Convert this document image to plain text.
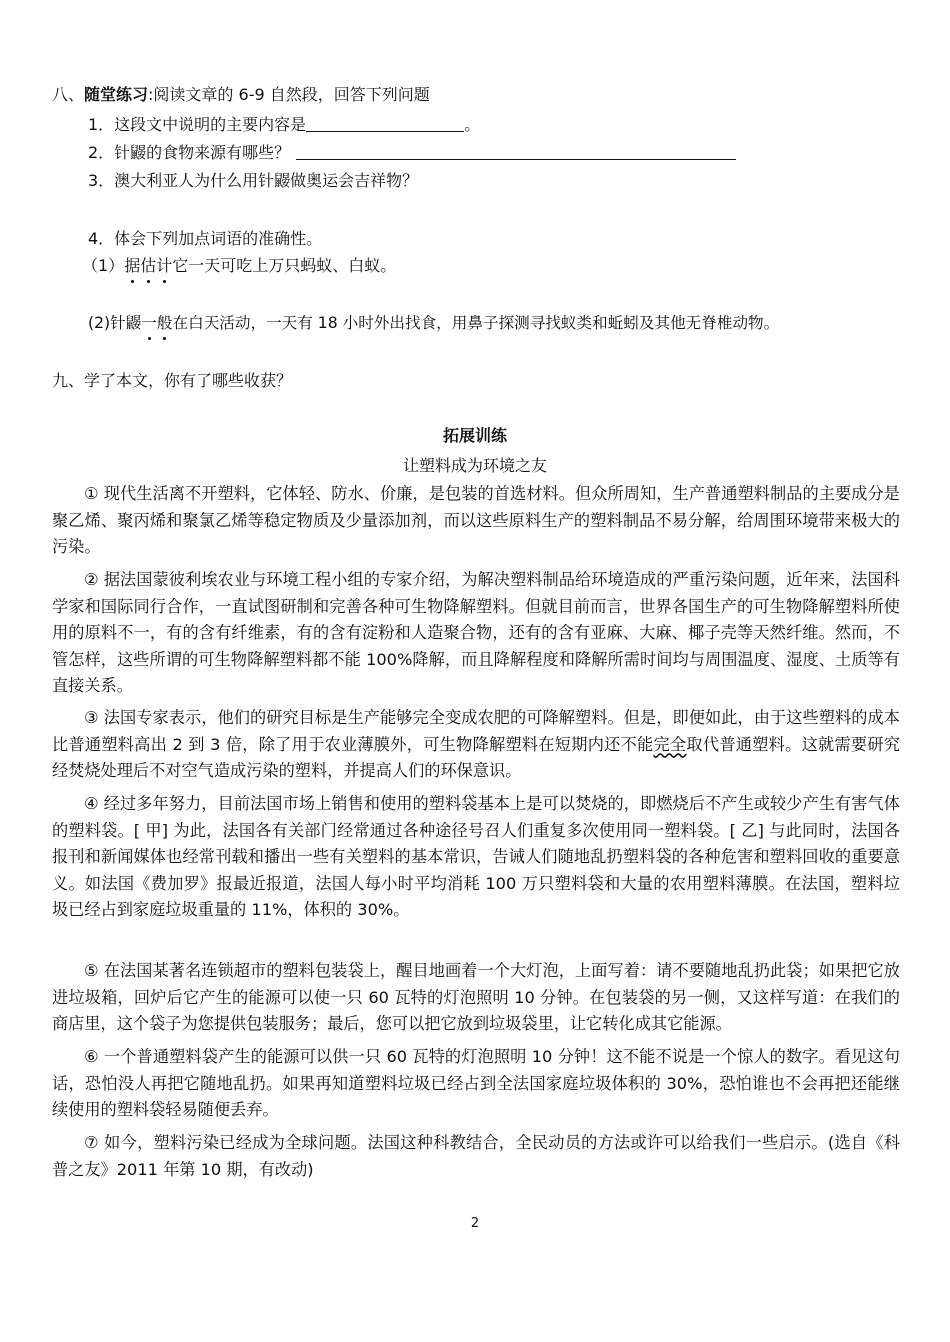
八、随堂练习:阅读文章的 6-9 自然段，回答下列问题
1．这段文中说明的主要内容是	。
2．针鼹的食物来源有哪些？
3．澳大利亚人为什么用针鼹做奥运会吉祥物？
4．体会下列加点词语的准确性。
（1）据估计它一天可吃上万只蚂蚁、白蚁。
(2)针鼹一般在白天活动，一天有 18 小时外出找食，用鼻子探测寻找蚁类和蚯蚓及其他无脊椎动物。
九、学了本文，你有了哪些收获？
拓展训练
让塑料成为环境之友
① 现代生活离不开塑料，它体轻、防水、价廉，是包装的首选材料。但众所周知，生产普通塑料制品的主要成分是聚乙烯、聚丙烯和聚氯乙烯等稳定物质及少量添加剂，而以这些原料生产的塑料制品不易分解，给周围环境带来极大的污染。
② 据法国蒙彼利埃农业与环境工程小组的专家介绍，为解决塑料制品给环境造成的严重污染问题，近年来，法国科学家和国际同行合作，一直试图研制和完善各种可生物降解塑料。但就目前而言，世界各国生产的可生物降解塑料所使用的原料不一，有的含有纤维素，有的含有淀粉和人造聚合物，还有的含有亚麻、大麻、椰子壳等天然纤维。然而，不管怎样，这些所谓的可生物降解塑料都不能 100%降解，而且降解程度和降解所需时间均与周围温度、湿度、土质等有直接关系。
③ 法国专家表示，他们的研究目标是生产能够完全变成农肥的可降解塑料。但是，即便如此，由于这些塑料的成本比普通塑料高出 2 到 3 倍，除了用于农业薄膜外，可生物降解塑料在短期内还不能完全取代普通塑料。这就需要研究经焚烧处理后不对空气造成污染的塑料，并提高人们的环保意识。
④ 经过多年努力，目前法国市场上销售和使用的塑料袋基本上是可以焚烧的，即燃烧后不产生或较少产生有害气体的塑料袋。[ 甲] 为此，法国各有关部门经常通过各种途径号召人们重复多次使用同一塑料袋。[ 乙] 与此同时，法国各报刊和新闻媒体也经常刊载和播出一些有关塑料的基本常识，告诫人们随地乱扔塑料袋的各种危害和塑料回收的重要意义。如法国《费加罗》报最近报道，法国人每小时平均消耗 100 万只塑料袋和大量的农用塑料薄膜。在法国，塑料垃圾已经占到家庭垃圾重量的 11%，体积的 30%。
⑤ 在法国某著名连锁超市的塑料包装袋上，醒目地画着一个大灯泡，上面写着：请不要随地乱扔此袋；如果把它放进垃圾箱，回炉后它产生的能源可以使一只 60 瓦特的灯泡照明 10 分钟。在包装袋的另一侧，又这样写道：在我们的商店里，这个袋子为您提供包装服务；最后，您可以把它放到垃圾袋里，让它转化成其它能源。
⑥ 一个普通塑料袋产生的能源可以供一只 60 瓦特的灯泡照明 10 分钟！这不能不说是一个惊人的数字。看见这句话，恐怕没人再把它随地乱扔。如果再知道塑料垃圾已经占到全法国家庭垃圾体积的 30%，恐怕谁也不会再把还能继续使用的塑料袋轻易随便丢弃。
⑦ 如今，塑料污染已经成为全球问题。法国这种科教结合，全民动员的方法或许可以给我们一些启示。(选自《科普之友》2011 年第 10 期，有改动)
2
